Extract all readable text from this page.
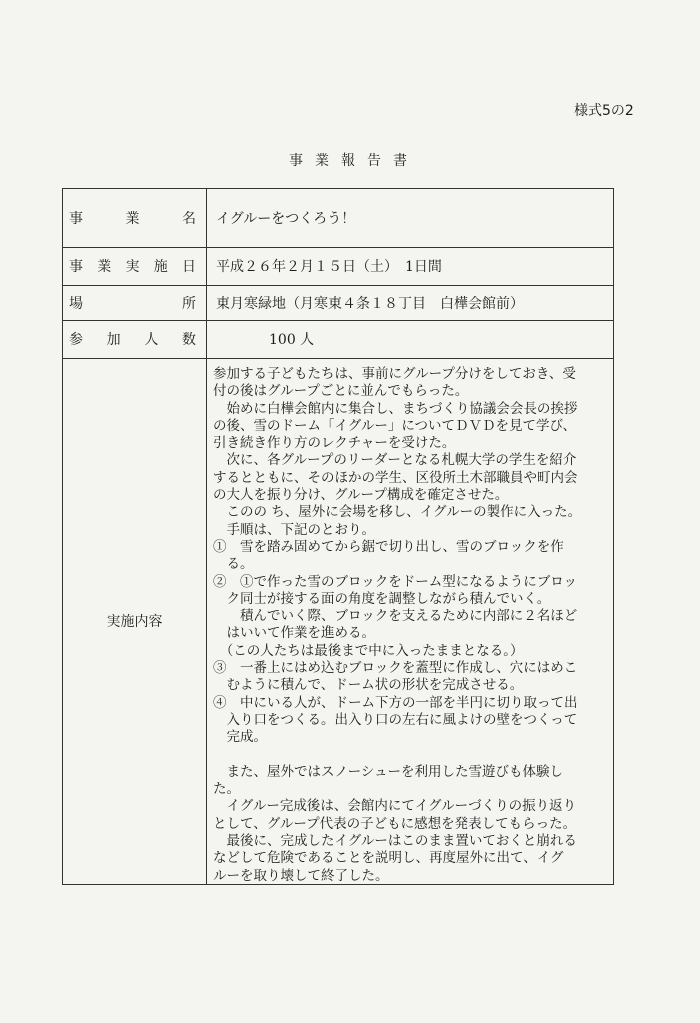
様式5の2
事業報告書
事	業	名 イグルーをつくろう！
事 業 実 施 日 平成２６年２月１５日（土）　1日間
場	所 東月寒緑地（月寒東４条１８丁目　白樺会館前）
参 加 人 数	100 人
実施内容
参加する子どもたちは、事前にグループ分けをしておき、受
付の後はグループごとに並んでもらった。
　始めに白樺会館内に集合し、まちづくり協議会会長の挨拶
の後、雪のドーム「イグルー」についてＤＶＤを見て学び、
引き続き作り方のレクチャーを受けた。
　次に、各グループのリーダーとなる札幌大学の学生を紹介
するとともに、そのほかの学生、区役所土木部職員や町内会
の大人を振り分け、グループ構成を確定させた。
　このの ち、屋外に会場を移し、イグルーの製作に入った。
　手順は、下記のとおり。
①　雪を踏み固めてから鋸で切り出し、雪のブロックを作
　る。
②　①で作った雪のブロックをドーム型になるようにブロッ
　ク同士が接する面の角度を調整しながら積んでいく。
　　積んでいく際、ブロックを支えるために内部に２名ほど
　はいいて作業を進める。
　（この人たちは最後まで中に入ったままとなる。）
③　一番上にはめ込むブロックを蓋型に作成し、穴にはめこ
　むように積んで、ドーム状の形状を完成させる。
④　中にいる人が、ドーム下方の一部を半円に切り取って出
　入り口をつくる。出入り口の左右に風よけの壁をつくって
　完成。

　また、屋外ではスノーシューを利用した雪遊びも体験し
た。
　イグルー完成後は、会館内にてイグルーづくりの振り返り
として、グループ代表の子どもに感想を発表してもらった。
　最後に、完成したイグルーはこのまま置いておくと崩れる
などして危険であることを説明し、再度屋外に出て、イグ
ルーを取り壊して終了した。
